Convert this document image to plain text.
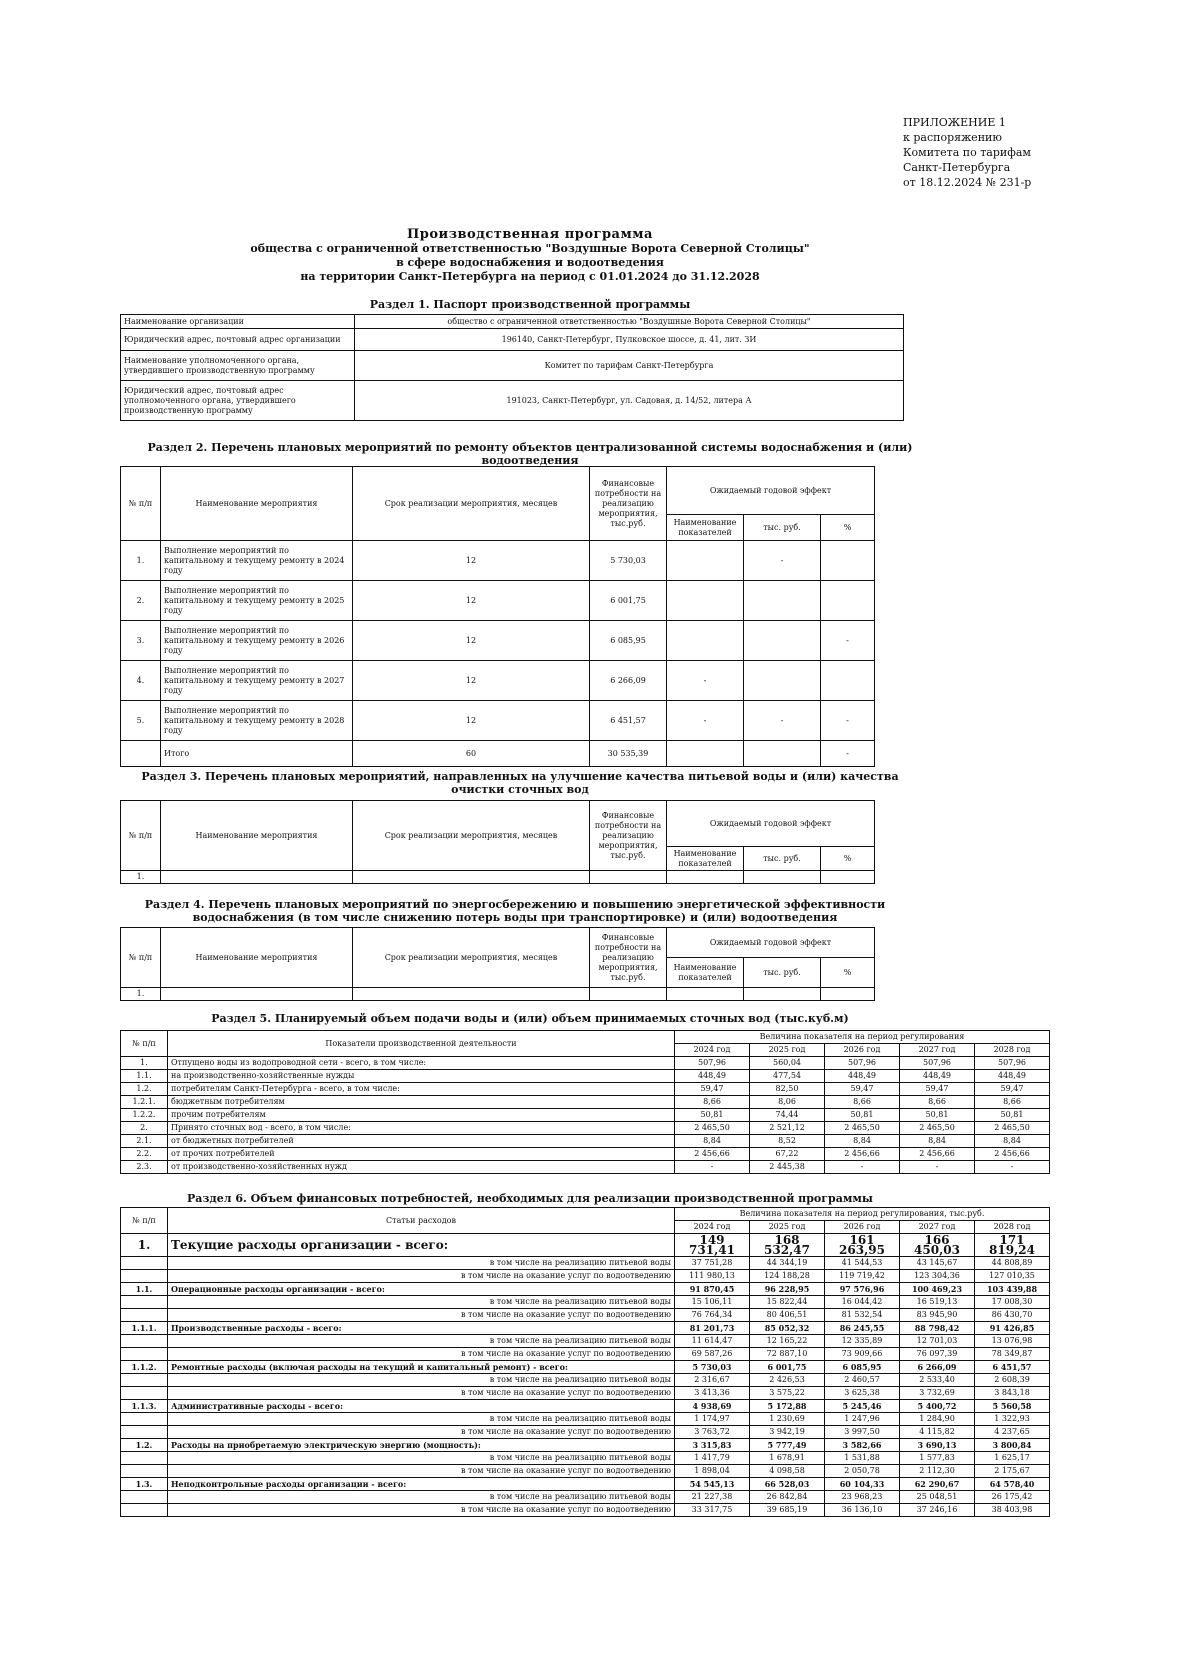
ПРИЛОЖЕНИЕ 1
к распоряжению
Комитета по тарифам
Санкт-Петербурга
от 18.12.2024 № 231-р
Производственная программа
общества с ограниченной ответственностью "Воздушные Ворота Северной Столицы"
в сфере водоснабжения и водоотведения
на территории Санкт-Петербурга на период с 01.01.2024 до 31.12.2028
Раздел 1. Паспорт производственной программы
Наименование организации	общество с ограниченной ответственностью "Воздушные Ворота Северной Столицы"
Юридический адрес, почтовый адрес организации	196140, Санкт-Петербург, Пулковское шоссе, д. 41, лит. ЗИ
Наименование уполномоченного органа, утвердившего производственную программу	Комитет по тарифам Санкт-Петербурга
Юридический адрес, почтовый адрес уполномоченного органа, утвердившего производственную программу	191023, Санкт-Петербург, ул. Садовая, д. 14/52, литера А
Раздел 2. Перечень плановых мероприятий по ремонту объектов централизованной системы водоснабжения и (или) водоотведения
№ п/п	Наименование мероприятия	Срок реализации мероприятия, месяцев	Финансовые потребности на реализацию мероприятия, тыс.руб.	Ожидаемый годовой эффект		
				Наименование показателей	тыс. руб.	%
1.	Выполнение мероприятий по капитальному и текущему ремонту в 2024 году	12	5 730,03		-	
2.	Выполнение мероприятий по капитальному и текущему ремонту в 2025 году	12	6 001,75			
3.	Выполнение мероприятий по капитальному и текущему ремонту в 2026 году	12	6 085,95			-
4.	Выполнение мероприятий по капитальному и текущему ремонту в 2027 году	12	6 266,09	-		
5.	Выполнение мероприятий по капитальному и текущему ремонту в 2028 году	12	6 451,57	-	-	-
	Итого	60	30 535,39			-
Раздел 3. Перечень плановых мероприятий, направленных на улучшение качества питьевой воды и (или) качества очистки сточных вод
№ п/п	Наименование мероприятия	Срок реализации мероприятия, месяцев	Финансовые потребности на реализацию мероприятия, тыс.руб.	Ожидаемый годовой эффект		
				Наименование показателей	тыс. руб.	%
1.						
Раздел 4. Перечень плановых мероприятий по энергосбережению и повышению энергетической эффективности водоснабжения (в том числе снижению потерь воды при транспортировке) и (или) водоотведения
№ п/п	Наименование мероприятия	Срок реализации мероприятия, месяцев	Финансовые потребности на реализацию мероприятия, тыс.руб.	Ожидаемый годовой эффект		
				Наименование показателей	тыс. руб.	%
1.						
Раздел 5. Планируемый объем подачи воды и (или) объем принимаемых сточных вод (тыс.куб.м)
№ п/п	Показатели производственной деятельности	Величина показателя на период регулирования				
		2024 год	2025 год	2026 год	2027 год	2028 год
1.	Отпущено воды из водопроводной сети - всего, в том числе:	507,96	560,04	507,96	507,96	507,96
1.1.	на производственно-хозяйственные нужды	448,49	477,54	448,49	448,49	448,49
1.2.	потребителям Санкт-Петербурга - всего, в том числе:	59,47	82,50	59,47	59,47	59,47
1.2.1.	бюджетным потребителям	8,66	8,06	8,66	8,66	8,66
1.2.2.	прочим потребителям	50,81	74,44	50,81	50,81	50,81
2.	Принято сточных вод - всего, в том числе:	2 465,50	2 521,12	2 465,50	2 465,50	2 465,50
2.1.	от бюджетных потребителей	8,84	8,52	8,84	8,84	8,84
2.2.	от прочих потребителей	2 456,66	67,22	2 456,66	2 456,66	2 456,66
2.3.	от производственно-хозяйственных нужд	-	2 445,38	-	-	-
Раздел 6. Объем финансовых потребностей, необходимых для реализации производственной программы
№ п/п	Статьи расходов	Величина показателя на период регулирования, тыс.руб.				
		2024 год	2025 год	2026 год	2027 год	2028 год
1.	Текущие расходы организации - всего:	149 731,41	168 532,47	161 263,95	166 450,03	171 819,24
	в том числе на реализацию питьевой воды	37 751,28	44 344,19	41 544,53	43 145,67	44 808,89
	в том числе на оказание услуг по водоотведению	111 980,13	124 188,28	119 719,42	123 304,36	127 010,35
1.1.	Операционные расходы организации - всего:	91 870,45	96 228,95	97 576,96	100 469,23	103 439,88
	в том числе на реализацию питьевой воды	15 106,11	15 822,44	16 044,42	16 519,13	17 008,30
	в том числе на оказание услуг по водоотведению	76 764,34	80 406,51	81 532,54	83 945,90	86 430,70
1.1.1.	Производственные расходы - всего:	81 201,73	85 052,32	86 245,55	88 798,42	91 426,85
	в том числе на реализацию питьевой воды	11 614,47	12 165,22	12 335,89	12 701,03	13 076,98
	в том числе на оказание услуг по водоотведению	69 587,26	72 887,10	73 909,66	76 097,39	78 349,87
1.1.2.	Ремонтные расходы (включая расходы на текущий и капитальный ремонт) - всего:	5 730,03	6 001,75	6 085,95	6 266,09	6 451,57
	в том числе на реализацию питьевой воды	2 316,67	2 426,53	2 460,57	2 533,40	2 608,39
	в том числе на оказание услуг по водоотведению	3 413,36	3 575,22	3 625,38	3 732,69	3 843,18
1.1.3.	Административные расходы - всего:	4 938,69	5 172,88	5 245,46	5 400,72	5 560,58
	в том числе на реализацию питьевой воды	1 174,97	1 230,69	1 247,96	1 284,90	1 322,93
	в том числе на оказание услуг по водоотведению	3 763,72	3 942,19	3 997,50	4 115,82	4 237,65
1.2.	Расходы на приобретаемую электрическую энергию (мощность):	3 315,83	5 777,49	3 582,66	3 690,13	3 800,84
	в том числе на реализацию питьевой воды	1 417,79	1 678,91	1 531,88	1 577,83	1 625,17
	в том числе на оказание услуг по водоотведению	1 898,04	4 098,58	2 050,78	2 112,30	2 175,67
1.3.	Неподконтрольные расходы организации - всего:	54 545,13	66 528,03	60 104,33	62 290,67	64 578,40
	в том числе на реализацию питьевой воды	21 227,38	26 842,84	23 968,23	25 048,51	26 175,42
	в том числе на оказание услуг по водоотведению	33 317,75	39 685,19	36 136,10	37 246,16	38 403,98
